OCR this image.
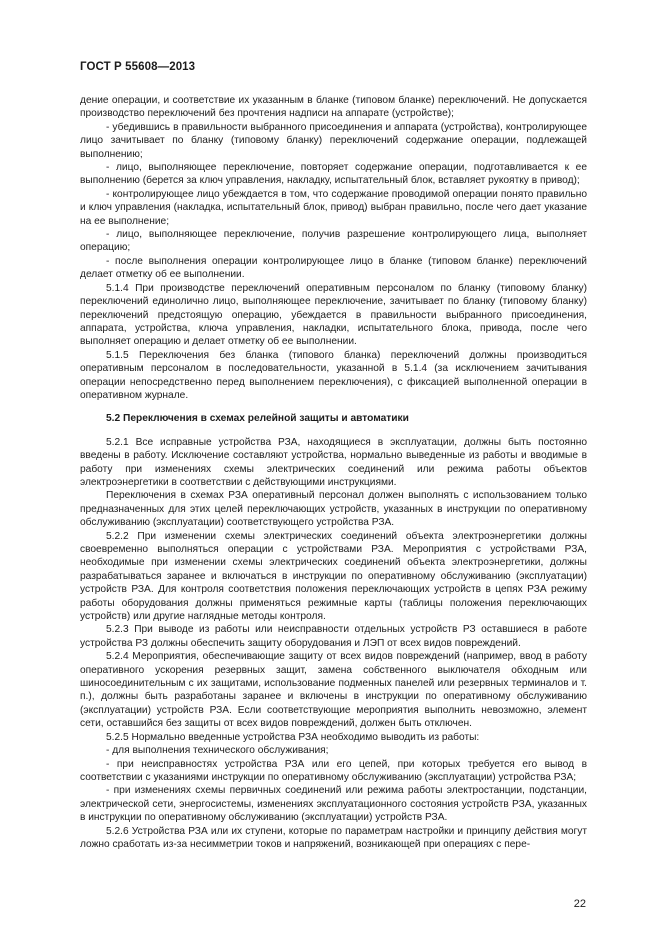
ГОСТ Р 55608—2013

дение операции, и соответствие их указанным в бланке (типовом бланке) переключений. Не допускается производство переключений без прочтения надписи на аппарате (устройстве);

- убедившись в правильности выбранного присоединения и аппарата (устройства), контролирующее лицо зачитывает по бланку (типовому бланку) переключений содержание операции, подлежащей выполнению;

- лицо, выполняющее переключение, повторяет содержание операции, подготавливается к ее выполнению (берется за ключ управления, накладку, испытательный блок, вставляет рукоятку в привод);

- контролирующее лицо убеждается в том, что содержание проводимой операции понято правильно и ключ управления (накладка, испытательный блок, привод) выбран правильно, после чего дает указание на ее выполнение;

- лицо, выполняющее переключение, получив разрешение контролирующего лица, выполняет операцию;

- после выполнения операции контролирующее лицо в бланке (типовом бланке) переключений делает отметку об ее выполнении.

5.1.4 При производстве переключений оперативным персоналом по бланку (типовому бланку) переключений единолично лицо, выполняющее переключение, зачитывает по бланку (типовому бланку) переключений предстоящую операцию, убеждается в правильности выбранного присоединения, аппарата, устройства, ключа управления, накладки, испытательного блока, привода, после чего выполняет операцию и делает отметку об ее выполнении.

5.1.5 Переключения без бланка (типового бланка) переключений должны производиться оперативным персоналом в последовательности, указанной в 5.1.4 (за исключением зачитывания операции непосредственно перед выполнением переключения), с фиксацией выполненной операции в оперативном журнале.

5.2 Переключения в схемах релейной защиты и автоматики

5.2.1 Все исправные устройства РЗА, находящиеся в эксплуатации, должны быть постоянно введены в работу. Исключение составляют устройства, нормально выведенные из работы и вводимые в работу при изменениях схемы электрических соединений или режима работы объектов электроэнергетики в соответствии с действующими инструкциями.

Переключения в схемах РЗА оперативный персонал должен выполнять с использованием только предназначенных для этих целей переключающих устройств, указанных в инструкции по оперативному обслуживанию (эксплуатации) соответствующего устройства РЗА.

5.2.2 При изменении схемы электрических соединений объекта электроэнергетики должны своевременно выполняться операции с устройствами РЗА. Мероприятия с устройствами РЗА, необходимые при изменении схемы электрических соединений объекта электроэнергетики, должны разрабатываться заранее и включаться в инструкции по оперативному обслуживанию (эксплуатации) устройств РЗА. Для контроля соответствия положения переключающих устройств в цепях РЗА режиму работы оборудования должны применяться режимные карты (таблицы положения переключающих устройств) или другие наглядные методы контроля.

5.2.3 При выводе из работы или неисправности отдельных устройств РЗ оставшиеся в работе устройства РЗ должны обеспечить защиту оборудования и ЛЭП от всех видов повреждений.

5.2.4 Мероприятия, обеспечивающие защиту от всех видов повреждений (например, ввод в работу оперативного ускорения резервных защит, замена собственного выключателя обходным или шиносоединительным с их защитами, использование подменных панелей или резервных терминалов и т. п.), должны быть разработаны заранее и включены в инструкции по оперативному обслуживанию (эксплуатации) устройств РЗА. Если соответствующие мероприятия выполнить невозможно, элемент сети, оставшийся без защиты от всех видов повреждений, должен быть отключен.

5.2.5 Нормально введенные устройства РЗА необходимо выводить из работы:

- для выполнения технического обслуживания;

- при неисправностях устройства РЗА или его цепей, при которых требуется его вывод в соответствии с указаниями инструкции по оперативному обслуживанию (эксплуатации) устройства РЗА;

- при изменениях схемы первичных соединений или режима работы электростанции, подстанции, электрической сети, энергосистемы, изменениях эксплуатационного состояния устройств РЗА, указанных в инструкции по оперативному обслуживанию (эксплуатации) устройств РЗА.

5.2.6 Устройства РЗА или их ступени, которые по параметрам настройки и принципу действия могут ложно сработать из-за несимметрии токов и напряжений, возникающей при операциях с пере-

22
